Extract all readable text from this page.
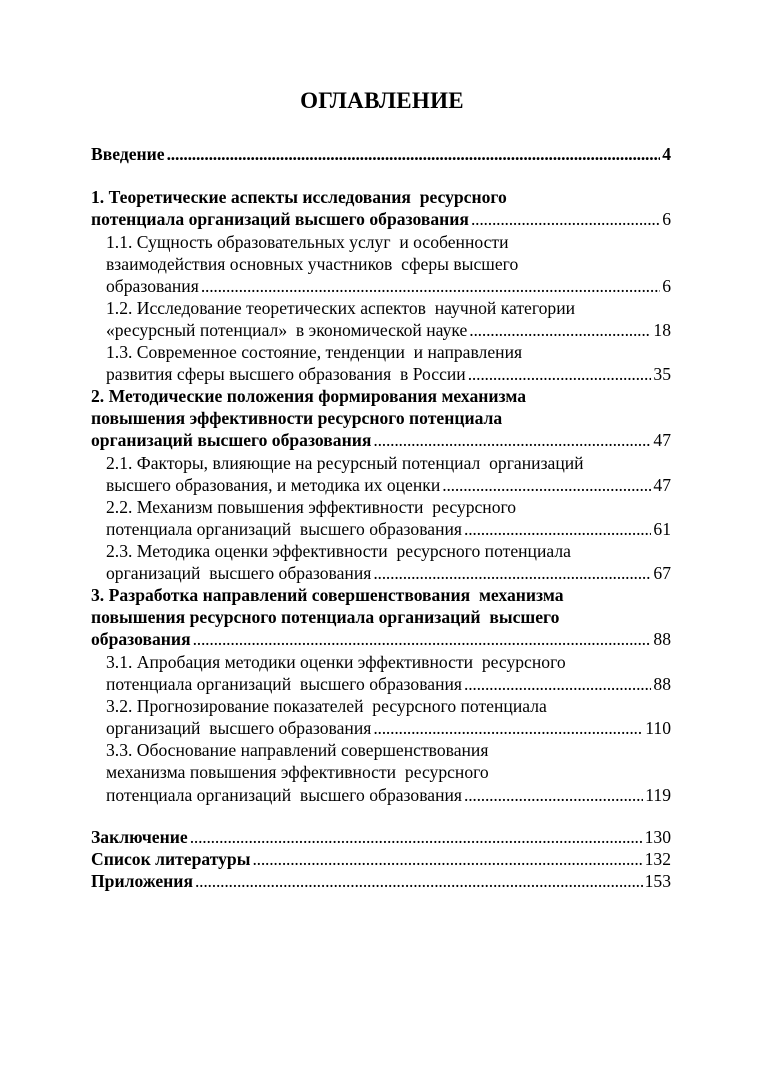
ОГЛАВЛЕНИЕ
Введение . . .	4
1. Теоретические аспекты исследования  ресурсного
потенциала организаций высшего образования . . .	6
1.1. Сущность образовательных услуг  и особенности
взаимодействия основных участников  сферы высшего
образования . . .	6
1.2. Исследование теоретических аспектов  научной категории
«ресурсный потенциал»  в экономической науке . . .	18
1.3. Современное состояние, тенденции  и направления
развития сферы высшего образования  в России . . .	35
2. Методические положения формирования механизма
повышения эффективности ресурсного потенциала
организаций высшего образования . . .	47
2.1. Факторы, влияющие на ресурсный потенциал  организаций
высшего образования, и методика их оценки . . .	47
2.2. Механизм повышения эффективности  ресурсного
потенциала организаций  высшего образования . . .	61
2.3. Методика оценки эффективности  ресурсного потенциала
организаций  высшего образования . . .	67
3. Разработка направлений совершенствования  механизма
повышения ресурсного потенциала организаций  высшего
образования . . .	88
3.1. Апробация методики оценки эффективности  ресурсного
потенциала организаций  высшего образования . . .	88
3.2. Прогнозирование показателей  ресурсного потенциала
организаций  высшего образования . . .	110
3.3. Обоснование направлений совершенствования
механизма повышения эффективности  ресурсного
потенциала организаций  высшего образования . . .	119
Заключение . . .	130
Список литературы . . .	132
Приложения . . .	153
